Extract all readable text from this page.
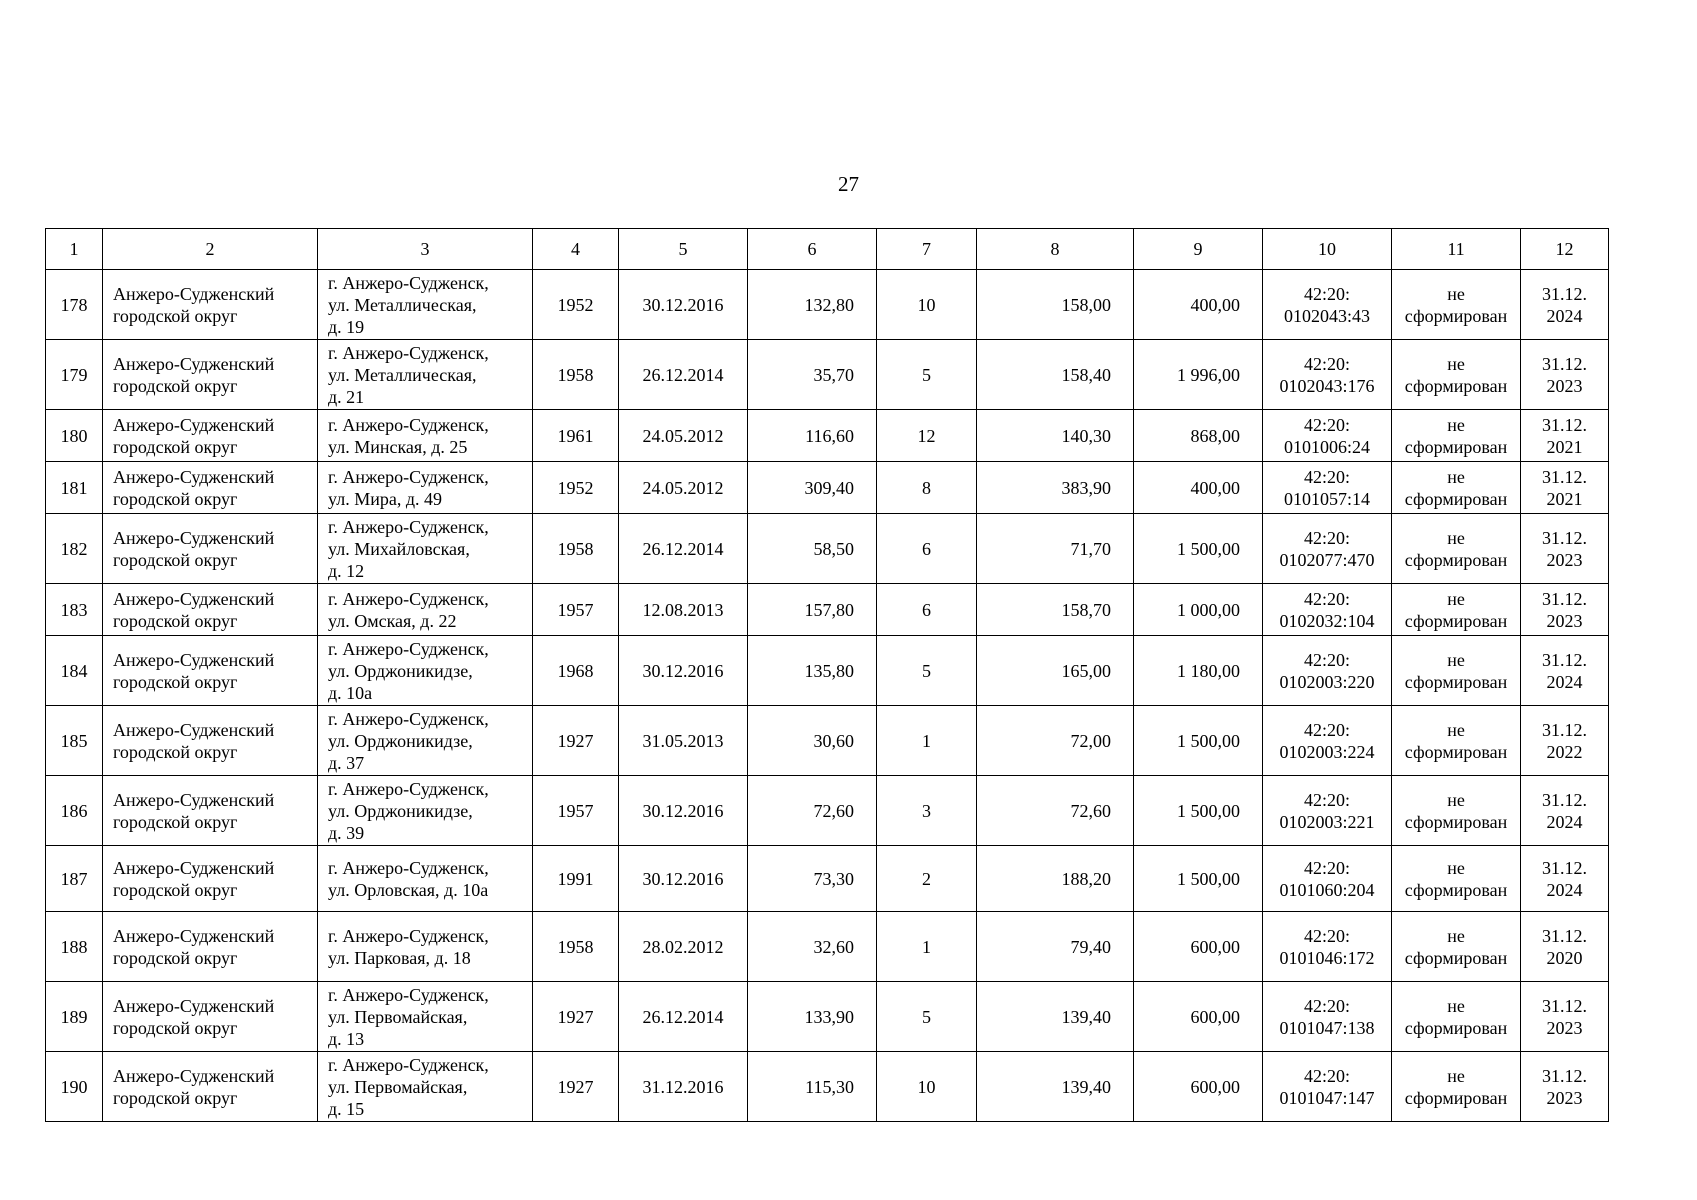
27
1	2	3	4	5	6	7	8	9	10	11	12
178	Анжеро-Судженский городской округ	г. Анжеро-Судженск,
ул. Металлическая,
д. 19	1952	30.12.2016	132,80	10	158,00	400,00	42:20:
0102043:43	не
сформирован	31.12.
2024

179	Анжеро-Судженский городской округ	г. Анжеро-Судженск,
ул. Металлическая,
д. 21	1958	26.12.2014	35,70	5	158,40	1 996,00	42:20:
0102043:176	не
сформирован	31.12.
2023

180	Анжеро-Судженский городской округ	г. Анжеро-Судженск,
ул. Минская, д. 25	1961	24.05.2012	116,60	12	140,30	868,00	42:20:
0101006:24	не
сформирован	31.12.
2021

181	Анжеро-Судженский городской округ	г. Анжеро-Судженск,
ул. Мира, д. 49	1952	24.05.2012	309,40	8	383,90	400,00	42:20:
0101057:14	не
сформирован	31.12.
2021

182	Анжеро-Судженский городской округ	г. Анжеро-Судженск,
ул. Михайловская,
д. 12	1958	26.12.2014	58,50	6	71,70	1 500,00	42:20:
0102077:470	не
сформирован	31.12.
2023

183	Анжеро-Судженский городской округ	г. Анжеро-Судженск,
ул. Омская, д. 22	1957	12.08.2013	157,80	6	158,70	1 000,00	42:20:
0102032:104	не
сформирован	31.12.
2023

184	Анжеро-Судженский городской округ	г. Анжеро-Судженск,
ул. Орджоникидзе,
д. 10а	1968	30.12.2016	135,80	5	165,00	1 180,00	42:20:
0102003:220	не
сформирован	31.12.
2024

185	Анжеро-Судженский городской округ	г. Анжеро-Судженск,
ул. Орджоникидзе,
д. 37	1927	31.05.2013	30,60	1	72,00	1 500,00	42:20:
0102003:224	не
сформирован	31.12.
2022

186	Анжеро-Судженский городской округ	г. Анжеро-Судженск,
ул. Орджоникидзе,
д. 39	1957	30.12.2016	72,60	3	72,60	1 500,00	42:20:
0102003:221	не
сформирован	31.12.
2024

187	Анжеро-Судженский городской округ	г. Анжеро-Судженск,
ул. Орловская, д. 10а	1991	30.12.2016	73,30	2	188,20	1 500,00	42:20:
0101060:204	не
сформирован	31.12.
2024

188	Анжеро-Судженский городской округ	г. Анжеро-Судженск,
ул. Парковая, д. 18	1958	28.02.2012	32,60	1	79,40	600,00	42:20:
0101046:172	не
сформирован	31.12.
2020

189	Анжеро-Судженский городской округ	г. Анжеро-Судженск,
ул. Первомайская,
д. 13	1927	26.12.2014	133,90	5	139,40	600,00	42:20:
0101047:138	не
сформирован	31.12.
2023

190	Анжеро-Судженский городской округ	г. Анжеро-Судженск,
ул. Первомайская,
д. 15	1927	31.12.2016	115,30	10	139,40	600,00	42:20:
0101047:147	не
сформирован	31.12.
2023
